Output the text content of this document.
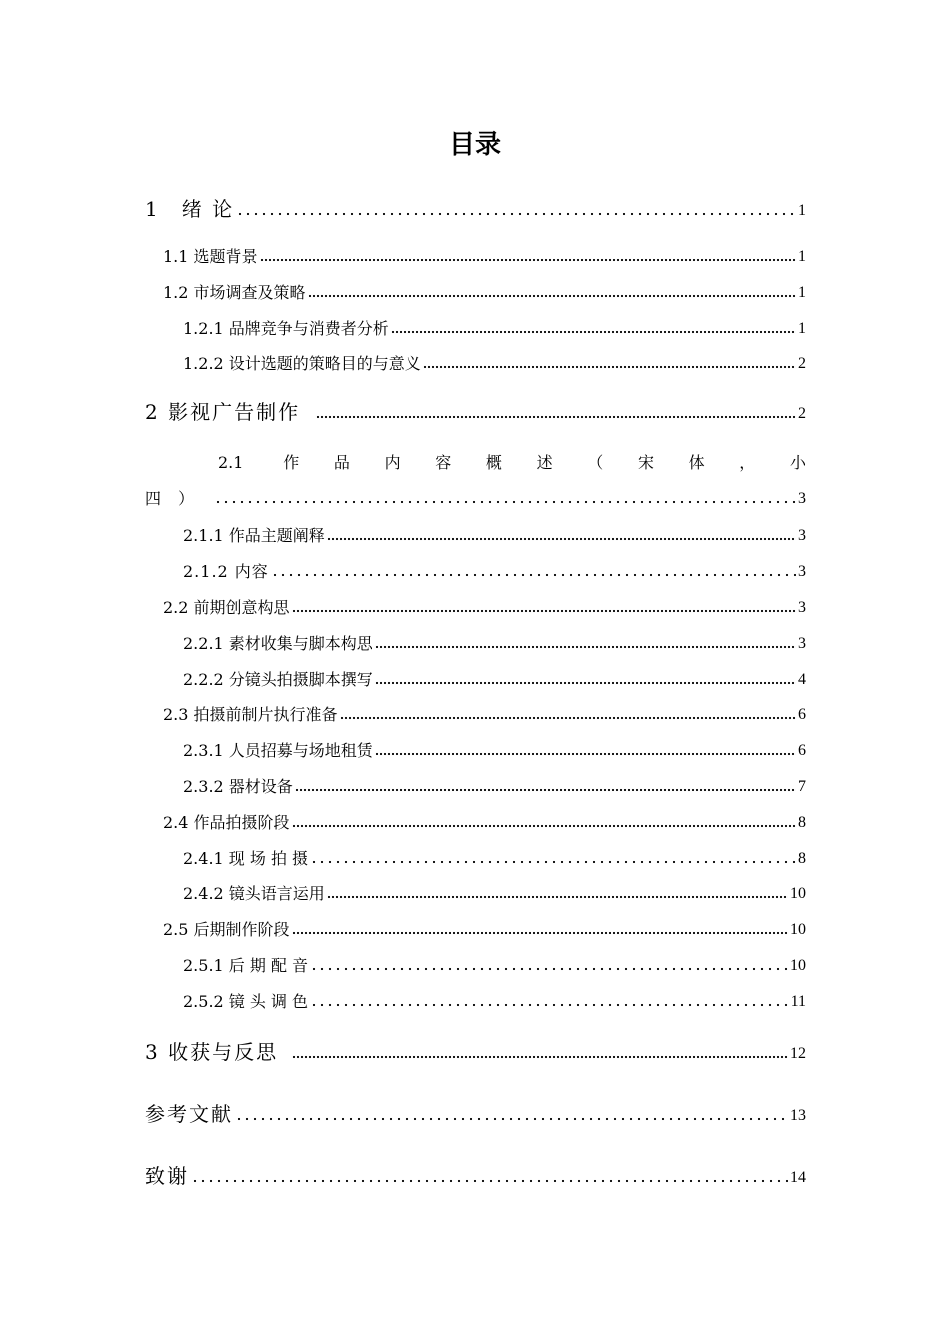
目录
1　绪 论	1
1.1 选题背景	1
1.2 市场调查及策略	1
1.2.1 品牌竞争与消费者分析	1
1.2.2 设计选题的策略目的与意义	2
2 影视广告制作	2
2.1 作品内容概述（宋体，小
四 ）	3
2.1.1 作品主题阐释	3
2.1.2 内容	3
2.2 前期创意构思	3
2.2.1 素材收集与脚本构思	3
2.2.2 分镜头拍摄脚本撰写	4
2.3 拍摄前制片执行准备	6
2.3.1 人员招募与场地租赁	6
2.3.2 器材设备	7
2.4 作品拍摄阶段	8
2.4.1 现 场 拍 摄	8
2.4.2 镜头语言运用	10
2.5 后期制作阶段	10
2.5.1 后 期 配 音	10
2.5.2 镜 头 调 色	11
3 收获与反思	12
参考文献	13
致谢	14
